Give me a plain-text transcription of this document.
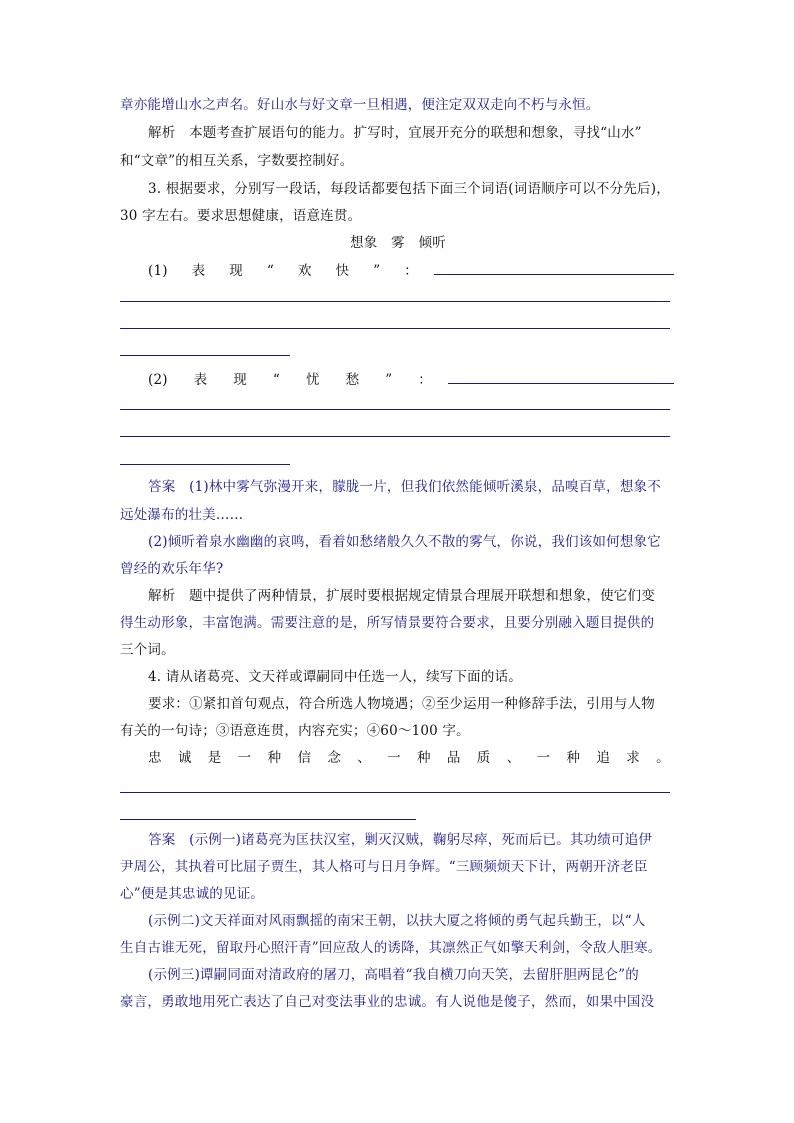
章亦能增山水之声名。好山水与好文章一旦相遇，便注定双双走向不朽与永恒。
解析　本题考查扩展语句的能力。扩写时，宜展开充分的联想和想象，寻找“山水”
和“文章”的相互关系，字数要控制好。
3. 根据要求，分别写一段话，每段话都要包括下面三个词语(词语顺序可以不分先后)，
30 字左右。要求思想健康，语意连贯。
想象　雾　倾听
(1) 表 现 “ 欢 快 ” ：
(2) 表 现 “ 忧 愁 ” ：
答案　(1)林中雾气弥漫开来，朦胧一片，但我们依然能倾听溪泉，品嗅百草，想象不
远处瀑布的壮美……
(2)倾听着泉水幽幽的哀鸣，看着如愁绪般久久不散的雾气，你说，我们该如何想象它
曾经的欢乐年华?
解析　题中提供了两种情景，扩展时要根据规定情景合理展开联想和想象，使它们变
得生动形象，丰富饱满。需要注意的是，所写情景要符合要求，且要分别融入题目提供的
三个词。
4. 请从诸葛亮、文天祥或谭嗣同中任选一人，续写下面的话。
要求：①紧扣首句观点，符合所选人物境遇；②至少运用一种修辞手法，引用与人物
有关的一句诗；③语意连贯，内容充实；④60～100 字。
忠 诚 是 一 种 信 念 、 一 种 品 质 、 一 种 追 求 。
答案　(示例一)诸葛亮为匡扶汉室，剿灭汉贼，鞠躬尽瘁，死而后已。其功绩可追伊
尹周公，其执着可比屈子贾生，其人格可与日月争辉。“三顾频烦天下计，两朝开济老臣
心”便是其忠诚的见证。
(示例二)文天祥面对风雨飘摇的南宋王朝，以扶大厦之将倾的勇气起兵勤王，以“人
生自古谁无死，留取丹心照汗青”回应敌人的诱降，其凛然正气如擎天利剑，令敌人胆寒。
(示例三)谭嗣同面对清政府的屠刀，高唱着“我自横刀向天笑，去留肝胆两昆仑”的
豪言，勇敢地用死亡表达了自己对变法事业的忠诚。有人说他是傻子，然而，如果中国没
